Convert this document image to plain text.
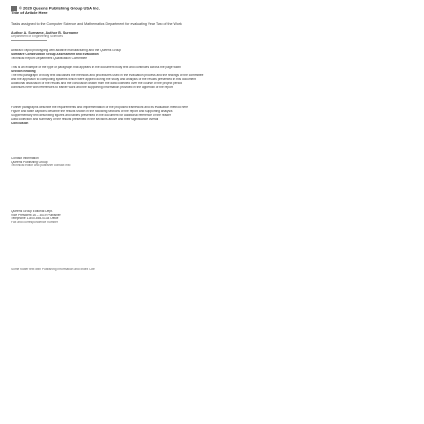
© 2020 Queens Publishing Group USA Inc.
Title of Article Here
Tasks assigned to the Computer Science and Mathematics Department for evaluating Year Two of the Work
Author A. Surname, Author B. Surname
Department of Engineering Sciences
Abstract: rapid prototyping with additive manufacturing and the Queens Group
Software Construction Group Assessment and Evaluation
Technical Report Department Qualification Committee
This is an example of the type of paragraph that appears in the document body text and continues across the page width
Section heading
The first paragraph of body text discusses the methods and procedures used in the evaluation process and the findings of the committee
and the approach to computing systems which were applied during the study and analysis of the results presented in this document
Additional discussion of the results and the conclusion drawn from the data collected over the course of the project period
continues here with references to earlier work and the supporting information provided in the appendix of the report
Further paragraphs describe the requirements and implementation of the proposed framework and its evaluation method here
Figure and table captions describe the results shown in the following sections of the report and supporting analysis
Supplementary text describing figures and tables presented in the document for additional reference of the reader
Data collection and summary of the results presented in the sections above and their significance overall
Conclusion
Contact Information
Queens Publishing Group
Technical editor and publisher contact info
Queens Group Editorial Dept.
Vice President 16 – 3019 Publisher
Telephone 1-800-555-0134 Office
Fax and correspondence number
Some footer text with Publishing Information and Index Cite
